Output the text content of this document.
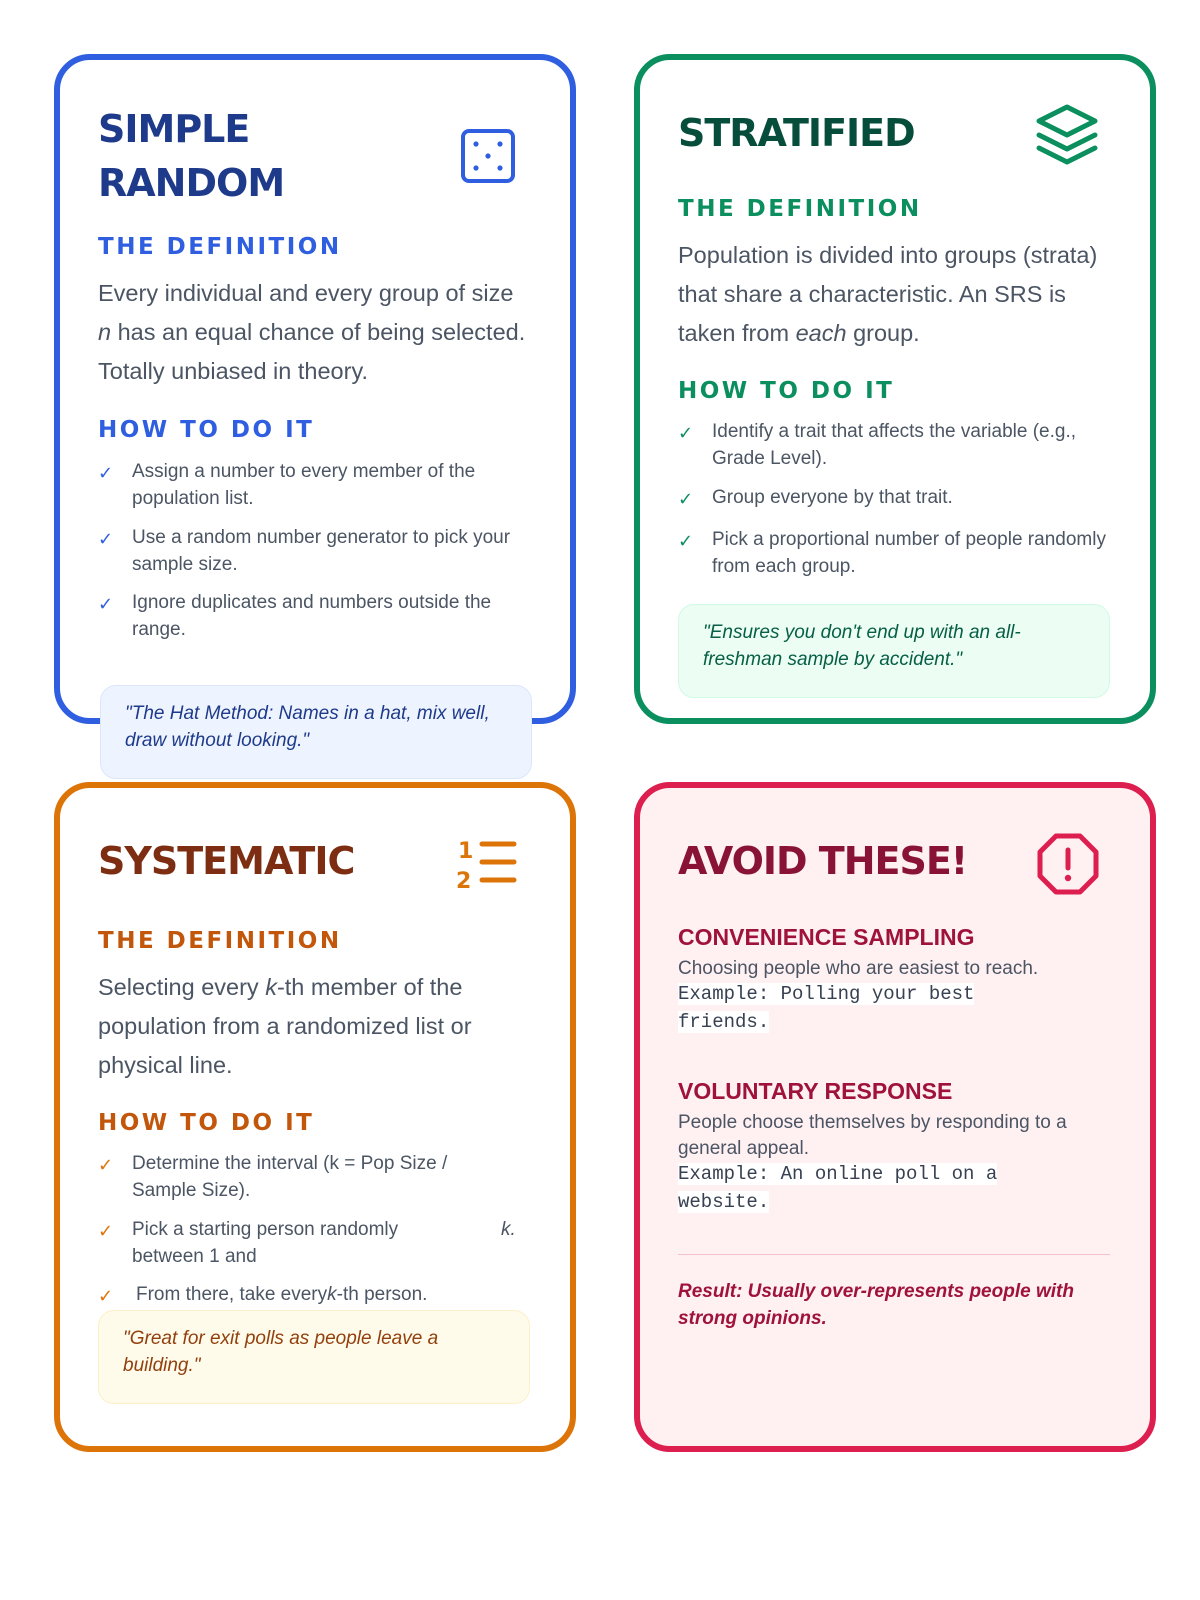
SIMPLE
RANDOM
THE DEFINITION

Every individual and every group of size n has an equal chance of being selected. Totally unbiased in theory.

HOW TO DO IT
✓ Assign a number to every member of the population list.
✓ Use a random number generator to pick your sample size.
✓ Ignore duplicates and numbers outside the range.
STRATIFIED
THE DEFINITION

Population is divided into groups (strata) that share a characteristic. An SRS is taken from each group.

HOW TO DO IT
✓ Identify a trait that affects the variable (e.g., Grade Level).
✓ Group everyone by that trait.
✓ Pick a proportional number of people randomly from each group.
"Ensures you don't end up with an all-freshman sample by accident."
"The Hat Method: Names in a hat, mix well, draw without looking."
SYSTEMATIC	1
2
THE DEFINITION

Selecting every k-th member of the population from a randomized list or physical line.

HOW TO DO IT
✓ Determine the interval (k = Pop Size / Sample Size).
✓ Pick a starting person randomly between 1 and
k.
✓ From there, take everyk-th person.
"Great for exit polls as people leave a building."
AVOID THESE!
CONVENIENCE SAMPLING

Choosing people who are easiest to reach.

Example: Polling your best
friends.

VOLUNTARY RESPONSE

People choose themselves by responding to a general appeal.

Example: An online poll on a
website.

Result: Usually over-represents people with strong opinions.
